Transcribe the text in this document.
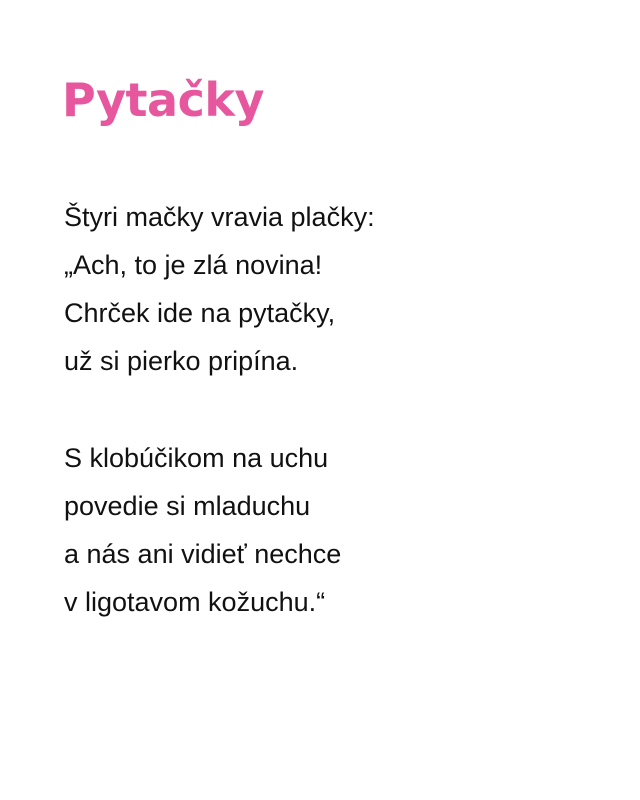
Pytačky
Štyri mačky vravia plačky:
„Ach, to je zlá novina!
Chrček ide na pytačky,
už si pierko pripína.
S klobúčikom na uchu
povedie si mladuchu
a nás ani vidieť nechce
v ligotavom kožuchu.“
